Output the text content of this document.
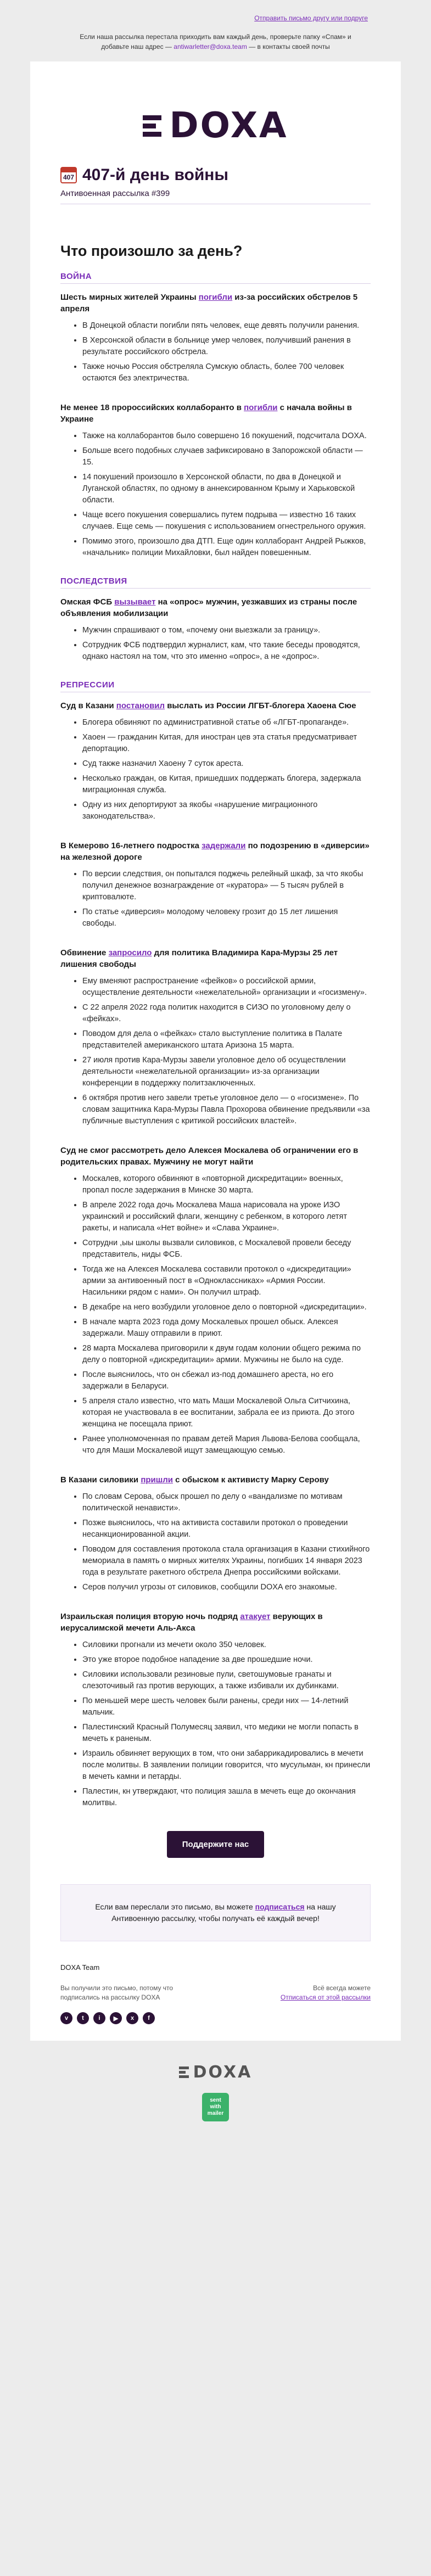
Отправить письмо другу или подруге
Если наша рассылка перестала приходить вам каждый день, проверьте папку «Спам» и добавьте наш адрес — antiwarletter@doxa.team — в контакты своей почты
DOXA
407 407-й день войны
Антивоенная рассылка #399
Что произошло за день?
ВОЙНА
Шесть мирных жителей Украины погибли из-за российских обстрелов 5 апреля
• В Донецкой области погибли пять человек, еще девять получили ранения.
• В Херсонской области в больнице умер человек, получивший ранения в результате российского обстрела.
• Также ночью Россия обстреляла Сумскую область, более 700 человек остаются без электричества.
Не менее 18 пророссийских коллаборанто в погибли с начала войны в Украине
• Также на коллаборантов было совершено 16 покушений, подсчитала DOXA.
• Больше всего подобных случаев зафиксировано в Запорожской области — 15.
• 14 покушений произошло в Херсонской области, по два в Донецкой и Луганской областях, по одному в аннексированном Крыму и Харьковской области.
• Чаще всего покушения совершались путем подрыва — известно 16 таких случаев. Еще семь — покушения с использованием огнестрельного оружия.
• Помимо этого, произошло два ДТП. Еще один коллаборант Андрей Рыжков, «начальник» полиции Михайловки, был найден повешенным.
ПОСЛЕДСТВИЯ
Омская ФСБ вызывает на «опрос» мужчин, уезжавших из страны после объявления мобилизации
• Мужчин спрашивают о том, «почему они выезжали за границу».
• Сотрудник ФСБ подтвердил журналист, кам, что такие беседы проводятся, однако настоял на том, что это именно «опрос», а не «допрос».
РЕПРЕССИИ
Суд в Казани постановил выслать из России ЛГБТ-блогера Хаоена Сюе
• Блогера обвиняют по административной статье об «ЛГБТ-пропаганде».
• Хаоен — гражданин Китая, для иностран цев эта статья предусматривает депортацию.
• Суд также назначил Хаоену 7 суток ареста.
• Несколько граждан, ов Китая, пришедших поддержать блогера, задержала миграционная служба.
• Одну из них депортируют за якобы «нарушение миграционного законодательства».
В Кемерово 16-летнего подростка задержали по подозрению в «диверсии» на железной дороге
• По версии следствия, он попытался поджечь релейный шкаф, за что якобы получил денежное вознаграждение от «куратора» — 5 тысяч рублей в криптовалюте.
• По статье «диверсия» молодому человеку грозит до 15 лет лишения свободы.
Обвинение запросило для политика Владимира Кара-Мурзы 25 лет лишения свободы
• Ему вменяют распространение «фейков» о российской армии, осуществление деятельности «нежелательной» организации и «госизмену».
• С 22 апреля 2022 года политик находится в СИЗО по уголовному делу о «фейках».
• Поводом для дела о «фейках» стало выступление политика в Палате представителей американского штата Аризона 15 марта.
• 27 июля против Кара-Мурзы завели уголовное дело об осуществлении деятельности «нежелательной организации» из-за организации конференции в поддержку политзаключенных.
• 6 октября против него завели третье уголовное дело — о «госизмене». По словам защитника Кара-Мурзы Павла Прохорова обвинение предъявили «за публичные выступления с критикой российских властей».
Суд не смог рассмотреть дело Алексея Москалева об ограничении его в родительских правах. Мужчину не могут найти
• Москалев, которого обвиняют в «повторной дискредитации» военных, пропал после задержания в Минске 30 марта.
• В апреле 2022 года дочь Москалева Маша нарисовала на уроке ИЗО украинский и российский флаги, женщину с ребенком, в которого летят ракеты, и написала «Нет войне» и «Слава Украине».
• Сотрудни ,ыы школы вызвали силовиков, с Москалевой провели беседу представитель, ниды ФСБ.
• Тогда же на Алексея Москалева составили протокол о «дискредитации» армии за антивоенный пост в «Одноклассниках» «Армия России. Насильники рядом с нами». Он получил штраф.
• В декабре на него возбудили уголовное дело о повторной «дискредитации».
• В начале марта 2023 года дому Москалевых прошел обыск. Алексея задержали. Машу отправили в приют.
• 28 марта Москалева приговорили к двум годам колонии общего режима по делу о повторной «дискредитации» армии. Мужчины не было на суде.
• После выяснилось, что он сбежал из-под домашнего ареста, но его задержали в Беларуси.
• 5 апреля стало известно, что мать Маши Москалевой Ольга Ситчихина, которая не участвовала в ее воспитании, забрала ее из приюта. До этого женщина не посещала приют.
• Ранее уполномоченная по правам детей Мария Львова-Белова сообщала, что для Маши Москалевой ищут замещающую семью.
В Казани силовики пришли с обыском к активисту Марку Серову
• По словам Серова, обыск прошел по делу о «вандализме по мотивам политической ненависти».
• Позже выяснилось, что на активиста составили протокол о проведении несанкционированной акции.
• Поводом для составления протокола стала организация в Казани стихийного мемориала в память о мирных жителях Украины, погибших 14 января 2023 года в результате ракетного обстрела Днепра российскими войсками.
• Серов получил угрозы от силовиков, сообщили DOXA его знакомые.
Израильская полиция вторую ночь подряд атакует верующих в иерусалимской мечети Аль-Акса
• Силовики прогнали из мечети около 350 человек.
• Это уже второе подобное нападение за две прошедшие ночи.
• Силовики использовали резиновые пули, светошумовые гранаты и слезоточивый газ против верующих, а также избивали их дубинками.
• По меньшей мере шесть человек были ранены, среди них — 14-летний мальчик.
• Палестинский Красный Полумесяц заявил, что медики не могли попасть в мечеть к раненым.
• Израиль обвиняет верующих в том, что они забаррикадировались в мечети после молитвы. В заявлении полиции говорится, что мусульман, кн принесли в мечеть камни и петарды.
• Палестин, кн утверждают, что полиция зашла в мечеть еще до окончания молитвы.
Поддержите нас
Если вам переслали это письмо, вы можете подписаться на нашу Антивоенную рассылку, чтобы получать её каждый вечер!
DOXA Team
Вы получили это письмо, потому что подписались на рассылку DOXA
Всё всегда можете
Отписаться от этой рассылки
v	t	i	▶	x	f
DOXA
sent with mailer
